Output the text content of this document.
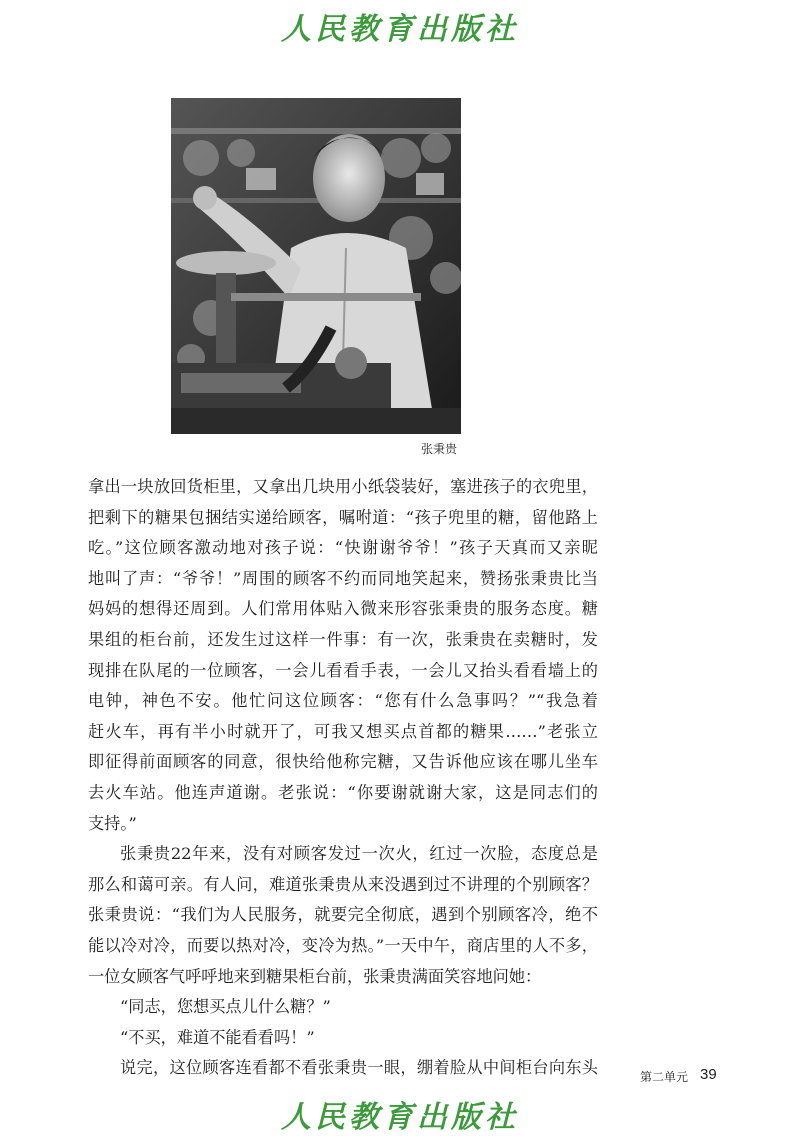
人民教育出版社
张秉贵
拿出一块放回货柜里，又拿出几块用小纸袋装好，塞进孩子的衣兜里，
把剩下的糖果包捆结实递给顾客，嘱咐道：“孩子兜里的糖，留他路上
吃。”这位顾客激动地对孩子说：“快谢谢爷爷！”孩子天真而又亲昵
地叫了声：“爷爷！”周围的顾客不约而同地笑起来，赞扬张秉贵比当
妈妈的想得还周到。人们常用体贴入微来形容张秉贵的服务态度。糖
果组的柜台前，还发生过这样一件事：有一次，张秉贵在卖糖时，发
现排在队尾的一位顾客，一会儿看看手表，一会儿又抬头看看墙上的
电钟，神色不安。他忙问这位顾客：“您有什么急事吗？”“我急着
赶火车，再有半小时就开了，可我又想买点首都的糖果……”老张立
即征得前面顾客的同意，很快给他称完糖，又告诉他应该在哪儿坐车
去火车站。他连声道谢。老张说：“你要谢就谢大家，这是同志们的
支持。”
张秉贵22年来，没有对顾客发过一次火，红过一次脸，态度总是
那么和蔼可亲。有人问，难道张秉贵从来没遇到过不讲理的个别顾客？
张秉贵说：“我们为人民服务，就要完全彻底，遇到个别顾客冷，绝不
能以冷对冷，而要以热对冷，变冷为热。”一天中午，商店里的人不多，
一位女顾客气呼呼地来到糖果柜台前，张秉贵满面笑容地问她：
“同志，您想买点儿什么糖？”
“不买，难道不能看看吗！”
说完，这位顾客连看都不看张秉贵一眼，绷着脸从中间柜台向东头	第二单元 39
人民教育出版社
